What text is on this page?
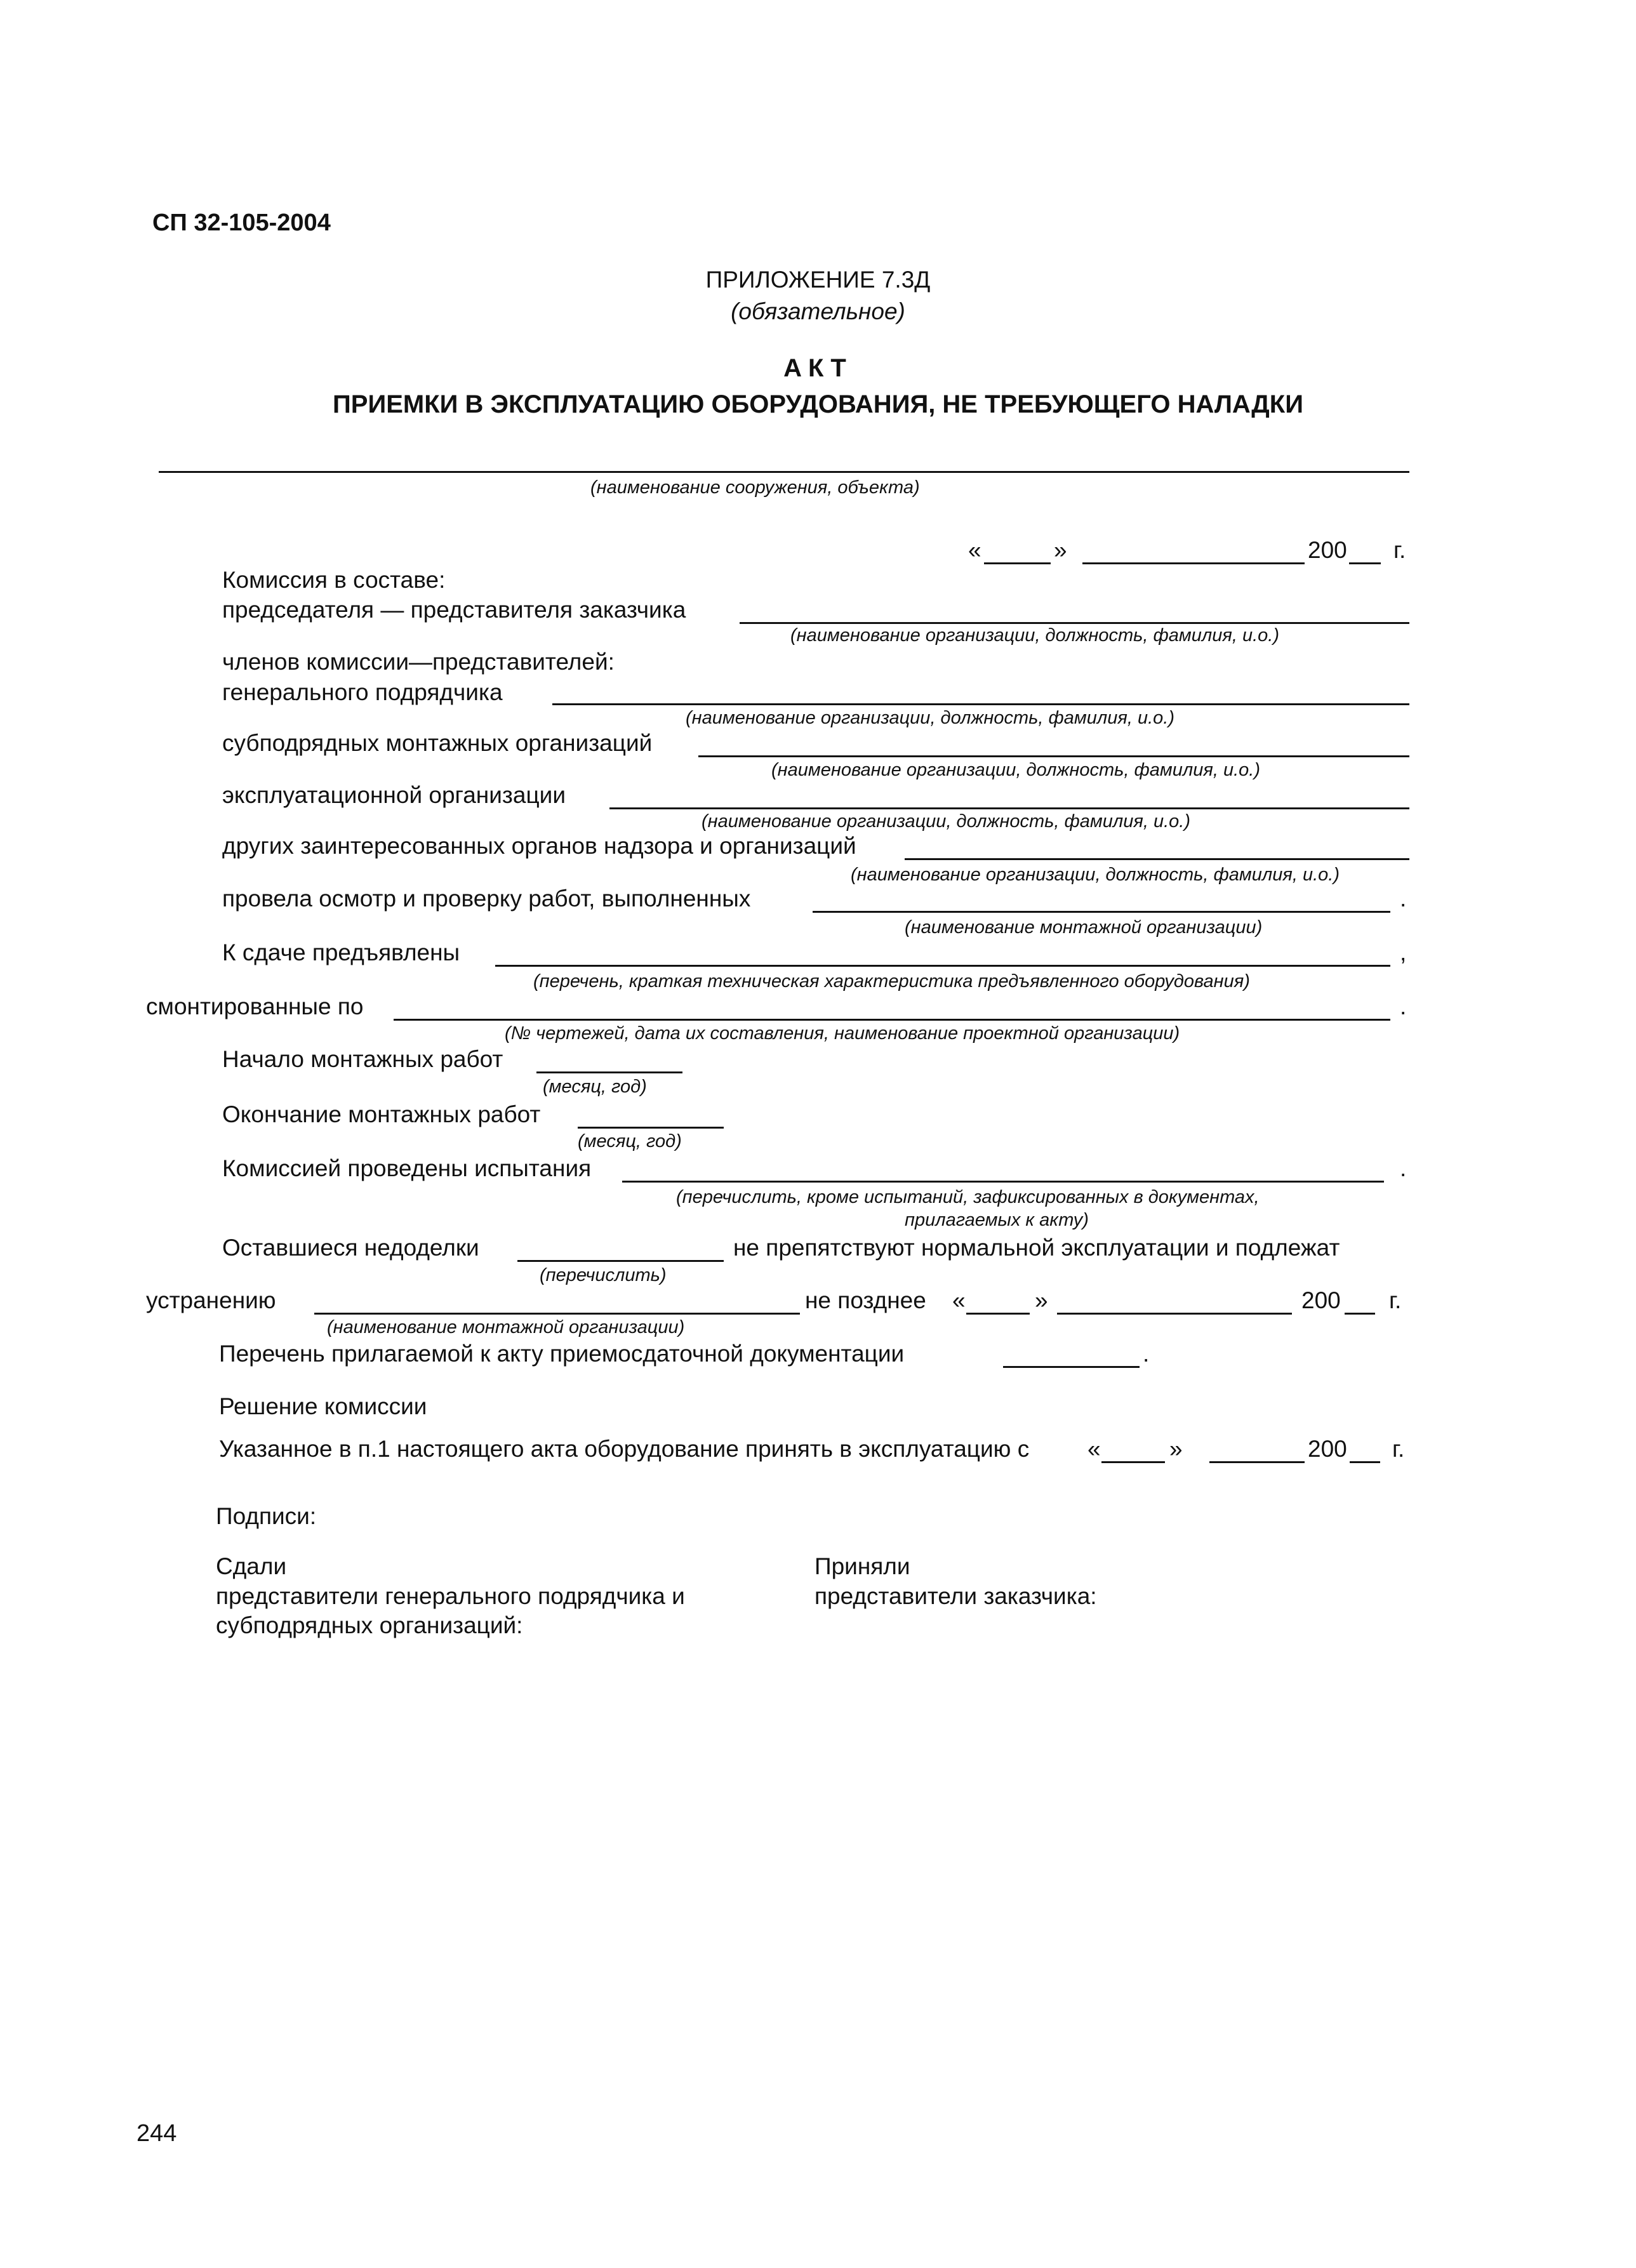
СП 32-105-2004
ПРИЛОЖЕНИЕ 7.3Д
(обязательное)
АКТ
ПРИЕМКИ В ЭКСПЛУАТАЦИЮ ОБОРУДОВАНИЯ, НЕ ТРЕБУЮЩЕГО НАЛАДКИ
(наименование сооружения, объекта)
«	»	200 г.
Комиссия в составе:
председателя — представителя заказчика
(наименование организации, должность, фамилия, и.о.)
членов комиссии—представителей:
генерального подрядчика
(наименование организации, должность, фамилия, и.о.)
субподрядных монтажных организаций
(наименование организации, должность, фамилия, и.о.)
эксплуатационной организации
(наименование организации, должность, фамилия, и.о.)
других заинтересованных органов надзора и организаций
(наименование организации, должность, фамилия, и.о.)
провела осмотр и проверку работ, выполненных	.
(наименование монтажной организации)
К сдаче предъявлены	,
(перечень, краткая техническая характеристика предъявленного оборудования)
смонтированные по	.
(№ чертежей, дата их составления, наименование проектной организации)
Начало монтажных работ
(месяц, год)
Окончание монтажных работ
(месяц, год)
Комиссией проведены испытания	.
(перечислить, кроме испытаний, зафиксированных в документах,
прилагаемых к акту)
Оставшиеся недоделки	не препятствуют нормальной эксплуатации и подлежат
(перечислить)
устранению	не позднее «	»	200 г.
(наименование монтажной организации)
Перечень прилагаемой к акту приемосдаточной документации	.
Решение комиссии
Указанное в п.1 настоящего акта оборудование принять в эксплуатацию с «	»	200 г.
Подписи:
Сдали
представители генерального подрядчика и
субподрядных организаций:
Приняли
представители заказчика:
244
